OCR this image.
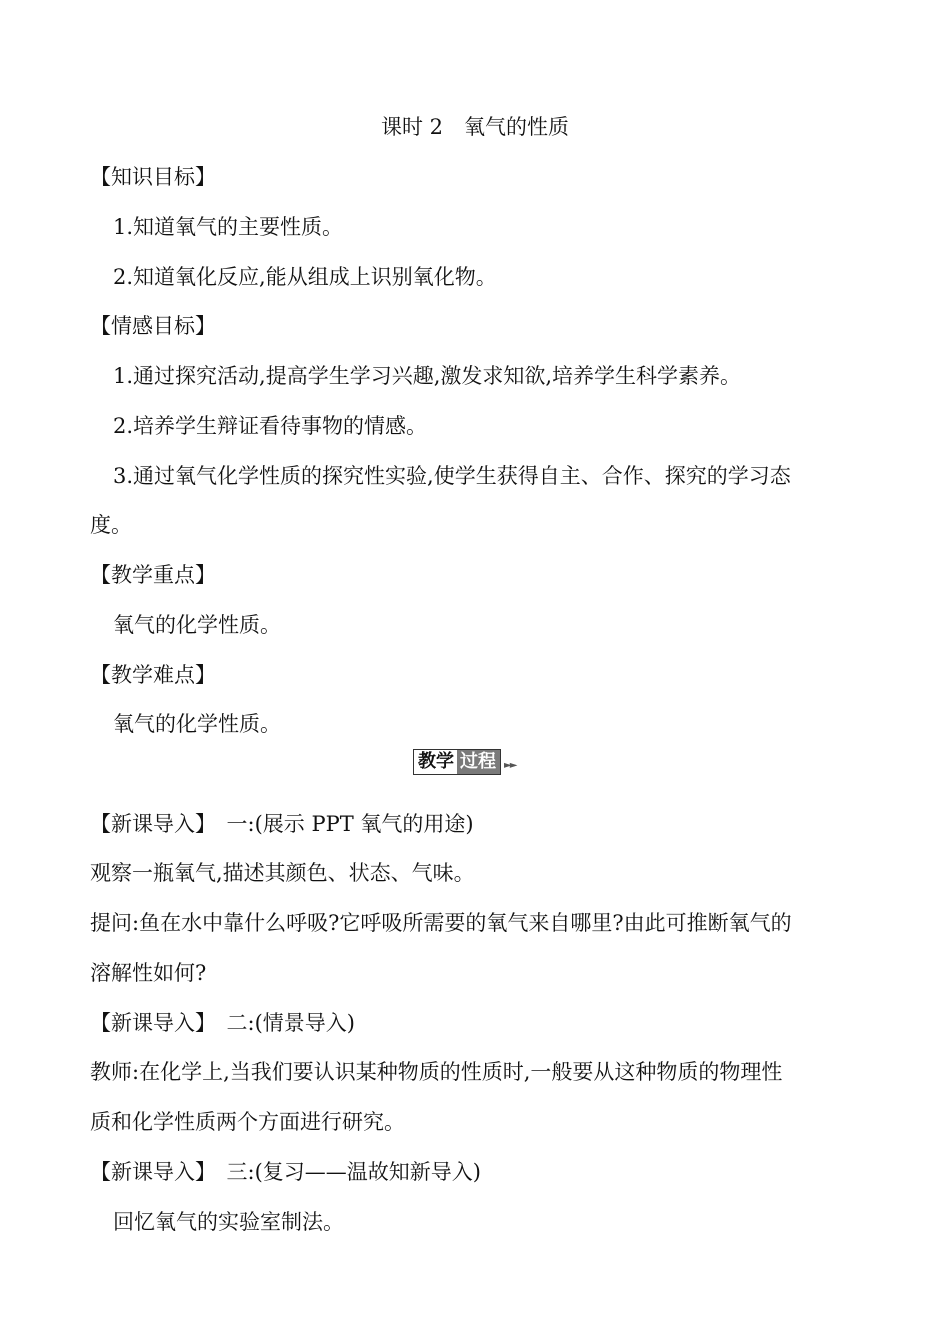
课时 2　氧气的性质
【知识目标】
1.知道氧气的主要性质。
2.知道氧化反应,能从组成上识别氧化物。
【情感目标】
1.通过探究活动,提高学生学习兴趣,激发求知欲,培养学生科学素养。
2.培养学生辩证看待事物的情感。
3.通过氧气化学性质的探究性实验,使学生获得自主、合作、探究的学习态
度。
【教学重点】
氧气的化学性质。
【教学难点】
氧气的化学性质。
教学 过程 ►►
【新课导入】　一:(展示 PPT 氧气的用途)
观察一瓶氧气,描述其颜色、状态、气味。
提问:鱼在水中靠什么呼吸?它呼吸所需要的氧气来自哪里?由此可推断氧气的
溶解性如何?
【新课导入】　二:(情景导入)
教师:在化学上,当我们要认识某种物质的性质时,一般要从这种物质的物理性
质和化学性质两个方面进行研究。
【新课导入】　三:(复习——温故知新导入)
回忆氧气的实验室制法。
